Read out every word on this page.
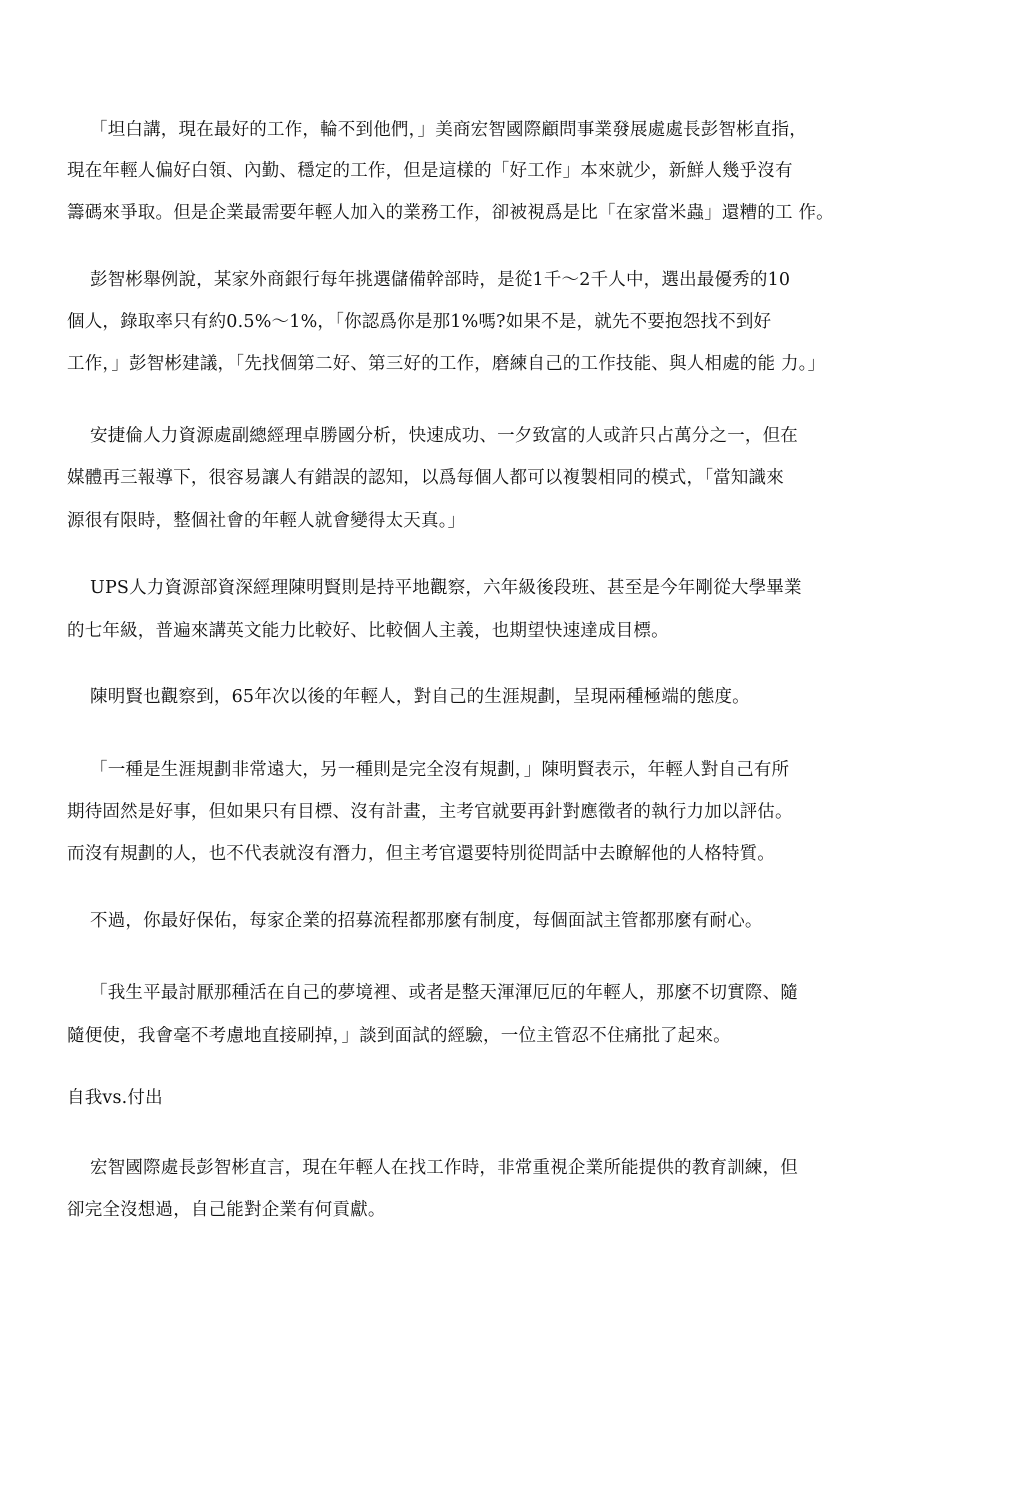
「坦白講，現在最好的工作，輪不到他們，」美商宏智國際顧問事業發展處處長彭智彬直指，
現在年輕人偏好白領、內勤、穩定的工作，但是這樣的「好工作」本來就少，新鮮人幾乎沒有
籌碼來爭取。但是企業最需要年輕人加入的業務工作，卻被視爲是比「在家當米蟲」還糟的工 作。
彭智彬舉例說，某家外商銀行每年挑選儲備幹部時，是從1千～2千人中，選出最優秀的10
個人，錄取率只有約0.5%～1%，「你認爲你是那1%嗎?如果不是，就先不要抱怨找不到好
工作，」彭智彬建議，「先找個第二好、第三好的工作，磨練自己的工作技能、與人相處的能 力。」
安捷倫人力資源處副總經理卓勝國分析，快速成功、一夕致富的人或許只占萬分之一，但在
媒體再三報導下，很容易讓人有錯誤的認知，以爲每個人都可以複製相同的模式，「當知識來
源很有限時，整個社會的年輕人就會變得太天真。」
UPS人力資源部資深經理陳明賢則是持平地觀察，六年級後段班、甚至是今年剛從大學畢業
的七年級，普遍來講英文能力比較好、比較個人主義，也期望快速達成目標。
陳明賢也觀察到，65年次以後的年輕人，對自己的生涯規劃，呈現兩種極端的態度。
「一種是生涯規劃非常遠大，另一種則是完全沒有規劃，」陳明賢表示，年輕人對自己有所
期待固然是好事，但如果只有目標、沒有計畫，主考官就要再針對應徵者的執行力加以評估。
而沒有規劃的人，也不代表就沒有潛力，但主考官還要特別從問話中去瞭解他的人格特質。
不過，你最好保佑，每家企業的招募流程都那麼有制度，每個面試主管都那麼有耐心。
「我生平最討厭那種活在自己的夢境裡、或者是整天渾渾厄厄的年輕人，那麼不切實際、隨
隨便使，我會毫不考慮地直接刷掉，」談到面試的經驗，一位主管忍不住痛批了起來。
自我vs.付出
宏智國際處長彭智彬直言，現在年輕人在找工作時，非常重視企業所能提供的教育訓練，但
卻完全沒想過，自己能對企業有何貢獻。
